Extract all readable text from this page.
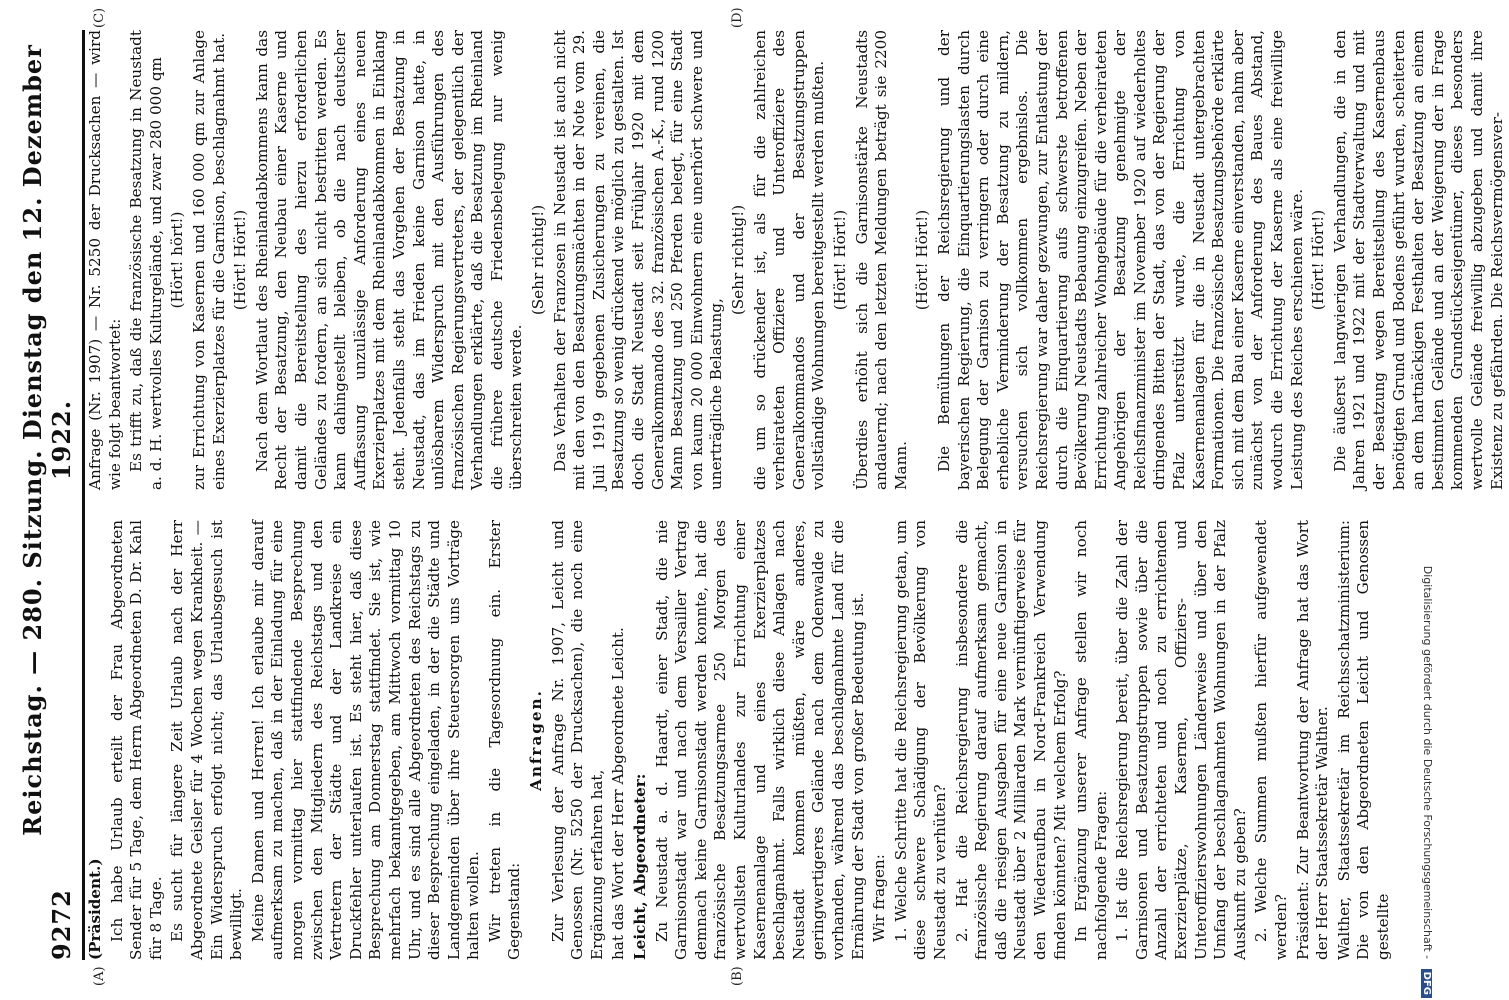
9272
Reichstag. — 280. Sitzung. Dienstag den 12. Dezember 1922.
(A)	(B)
(C)	(D)

(Präsident.) Ich habe Urlaub erteilt der Frau Abgeordneten Sender für 5 Tage, dem Herrn Abgeordneten D. Dr. Kahl für 8 Tage. Es sucht für längere Zeit Urlaub nach der Herr Abgeordnete Geisler für 4 Wochen wegen Krankheit. — Ein Widerspruch erfolgt nicht; das Urlaubsgesuch ist bewilligt. Meine Damen und Herren! Ich erlaube mir darauf aufmerksam zu machen, daß in der Einladung für eine morgen vormittag hier stattfindende Besprechung zwischen den Mitgliedern des Reichstags und den Vertretern der Städte und der Landkreise ein Druckfehler unterlaufen ist. Es steht hier, daß diese Besprechung am Donnerstag stattfindet. Sie ist, wie mehrfach bekanntgegeben, am Mittwoch vormittag 10 Uhr, und es sind alle Abgeordneten des Reichstags zu dieser Besprechung eingeladen, in der die Städte und Landgemeinden über ihre Steuersorgen uns Vorträge halten wollen. Wir treten in die Tagesordnung ein. Erster Gegenstand:

Anfragen. Zur Verlesung der Anfrage Nr. 1907, Leicht und Genossen (Nr. 5250 der Drucksachen), die noch eine Ergänzung erfahren hat, hat das Wort der Herr Abgeordnete Leicht. Leicht, Abgeordneter: Zu Neustadt a. d. Haardt, einer Stadt, die nie Garnisonstadt war und nach dem Versailler Vertrag demnach keine Garnisonstadt werden konnte, hat die französische Besatzungsarmee 250 Morgen des wertvollsten Kulturlandes zur Errichtung einer Kasernenanlage und eines Exerzierplatzes beschlagnahmt. Falls wirklich diese Anlagen nach Neustadt kommen müßten, wäre anderes, geringwertigeres Gelände nach dem Odenwalde zu vorhanden, während das beschlagnahmte Land für die Ernährung der Stadt von großer Bedeutung ist. Wir fragen: 1. Welche Schritte hat die Reichsregierung getan, um diese schwere Schädigung der Bevölkerung von Neustadt zu verhüten? 2. Hat die Reichsregierung insbesondere die französische Regierung darauf aufmerksam gemacht, daß die riesigen Ausgaben für eine neue Garnison in Neustadt über 2 Milliarden Mark vernünftigerweise für den Wiederaufbau in Nord-Frankreich Verwendung finden könnten? Mit welchem Erfolg? In Ergänzung unserer Anfrage stellen wir noch nachfolgende Fragen: 1. Ist die Reichsregierung bereit, über die Zahl der Garnisonen und Besatzungstruppen sowie über die Anzahl der errichteten und noch zu errichtenden Exerzierplätze, Kasernen, Offiziers- und Unteroffizierswohnungen Länderweise und über den Umfang der beschlagnahmten Wohnungen in der Pfalz Auskunft zu geben? 2. Welche Summen mußten hierfür aufgewendet werden? Präsident: Zur Beantwortung der Anfrage hat das Wort der Herr Staatssekretär Walther. Walther, Staatssekretär im Reichsschatzministerium: Die von den Abgeordneten Leicht und Genossen gestellte

Anfrage (Nr. 1907) — Nr. 5250 der Drucksachen — wird wie folgt beantwortet: Es trifft zu, daß die französische Besatzung in Neustadt a. d. H. wertvolles Kulturgelände, und zwar 280 000 qm (Hört! hört!) zur Errichtung von Kasernen und 160 000 qm zur Anlage eines Exerzierplatzes für die Garnison, beschlagnahmt hat. (Hört! Hört!) Nach dem Wortlaut des Rheinlandabkommens kann das Recht der Besatzung, den Neubau einer Kaserne und damit die Bereitstellung des hierzu erforderlichen Geländes zu fordern, an sich nicht bestritten werden. Es kann dahingestellt bleiben, ob die nach deutscher Auffassung unzulässige Anforderung eines neuen Exerzierplatzes mit dem Rheinlandabkommen in Einklang steht. Jedenfalls steht das Vorgehen der Besatzung in Neustadt, das im Frieden keine Garnison hatte, in unlösbarem Widerspruch mit den Ausführungen des französischen Regierungsvertreters, der gelegentlich der Verhandlungen erklärte, daß die Besatzung im Rheinland die frühere deutsche Friedensbelegung nur wenig überschreiten werde.

(Sehr richtig!) Das Verhalten der Franzosen in Neustadt ist auch nicht mit den von den Besatzungsmächten in der Note vom 29. Juli 1919 gegebenen Zusicherungen zu vereinen, die Besatzung so wenig drückend wie möglich zu gestalten. Ist doch die Stadt Neustadt seit Frühjahr 1920 mit dem Generalkommando des 32. französischen A.-K., rund 1200 Mann Besatzung und 250 Pferden belegt, für eine Stadt von kaum 20 000 Einwohnern eine unerhört schwere und unerträgliche Belastung,

(Sehr richtig!) die um so drückender ist, als für die zahlreichen verheirateten Offiziere und Unteroffiziere des Generalkommandos und der Besatzungstruppen vollständige Wohnungen bereitgestellt werden mußten. (Hört! Hört!) Überdies erhöht sich die Garnisonstärke Neustadts andauernd; nach den letzten Meldungen beträgt sie 2200 Mann.

(Hört! Hört!) Die Bemühungen der Reichsregierung und der bayerischen Regierung, die Einquartierungslasten durch Belegung der Garnison zu verringern oder durch eine erhebliche Verminderung der Besatzung zu mildern, versuchen sich vollkommen ergebnislos. Die Reichsregierung war daher gezwungen, zur Entlastung der durch die Einquartierung aufs schwerste betroffenen Bevölkerung Neustadts Bebauung einzugreifen. Neben der Errichtung zahlreicher Wohngebäude für die verheirateten Angehörigen der Besatzung genehmigte der Reichsfinanzminister im November 1920 auf wiederholtes dringendes Bitten der Stadt, das von der Regierung der Pfalz unterstützt wurde, die Errichtung von Kasernenanlagen für die in Neustadt untergebrachten Formationen. Die französische Besatzungsbehörde erklärte sich mit dem Bau einer Kaserne einverstanden, nahm aber zunächst von der Anforderung des Baues Abstand, wodurch die Errichtung der Kaserne als eine freiwillige Leistung des Reiches erschienen wäre. (Hört! Hört!) Die äußerst langwierigen Verhandlungen, die in den Jahren 1921 und 1922 mit der Stadtverwaltung und mit der Besatzung wegen Bereitstellung des Kasernenbaus benötigten Grund und Bodens geführt wurden, scheiterten an dem hartnäckigen Festhalten der Besatzung an einem bestimmten Gelände und an der Weigerung der in Frage kommenden Grundstückseigentümer, dieses besonders wertvolle Gelände freiwillig abzugeben und damit ihre Existenz zu gefährden. Die Reichsvermögensver-

Digitalisierung gefördert durch die Deutsche Forschungsgemeinschaft - DFG
